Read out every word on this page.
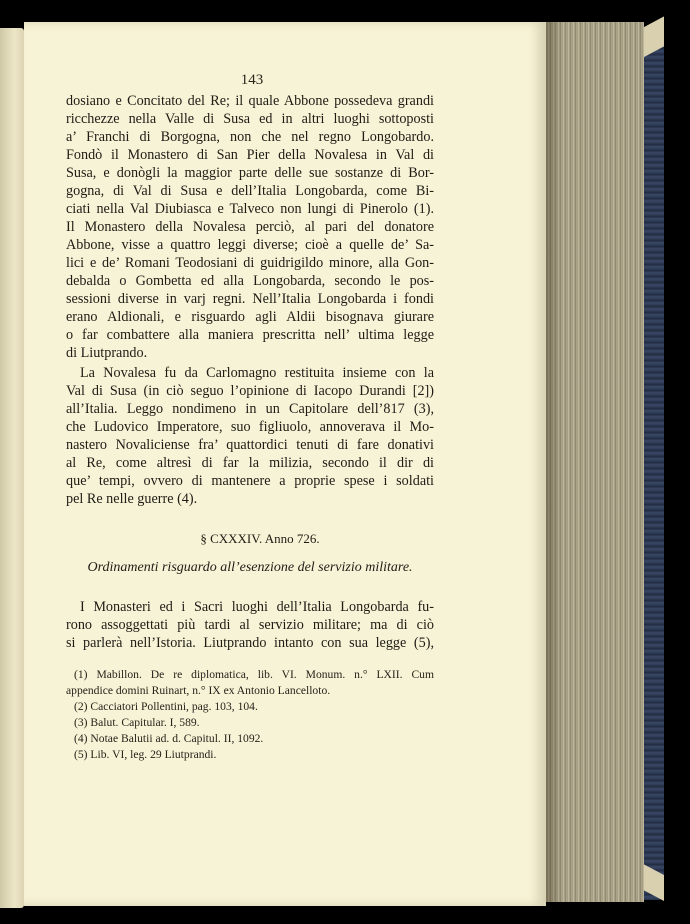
143
dosiano e Concitato del Re; il quale Abbone possedeva grandi
ricchezze nella Valle di Susa ed in altri luoghi sottoposti
a’ Franchi di Borgogna, non che nel regno Longobardo.
Fondò il Monastero di San Pier della Novalesa in Val di
Susa, e donògli la maggior parte delle sue sostanze di Bor-
gogna, di Val di Susa e dell’Italia Longobarda, come Bi-
ciati nella Val Diubiasca e Talveco non lungi di Pinerolo (1).
Il Monastero della Novalesa perciò, al pari del donatore
Abbone, visse a quattro leggi diverse; cioè a quelle de’ Sa-
lici e de’ Romani Teodosiani di guidrigildo minore, alla Gon-
debalda o Gombetta ed alla Longobarda, secondo le pos-
sessioni diverse in varj regni. Nell’Italia Longobarda i fondi
erano Aldionali, e risguardo agli Aldii bisognava giurare
o far combattere alla maniera prescritta nell’ ultima legge
di Liutprando.
La Novalesa fu da Carlomagno restituita insieme con la
Val di Susa (in ciò seguo l’opinione di Iacopo Durandi [2])
all’Italia. Leggo nondimeno in un Capitolare dell’817 (3),
che Ludovico Imperatore, suo figliuolo, annoverava il Mo-
nastero Novaliciense fra’ quattordici tenuti di fare donativi
al Re, come altresì di far la milizia, secondo il dir di
que’ tempi, ovvero di mantenere a proprie spese i soldati
pel Re nelle guerre (4).
§ CXXXIV. Anno 726.
Ordinamenti risguardo all’esenzione del servizio militare.
I Monasteri ed i Sacri luoghi dell’Italia Longobarda fu-
rono assoggettati più tardi al servizio militare; ma di ciò
si parlerà nell’Istoria. Liutprando intanto con sua legge (5),
(1) Mabillon. De re diplomatica, lib. VI. Monum. n.° LXII. Cum
appendice domini Ruinart, n.° IX ex Antonio Lancelloto.
(2) Cacciatori Pollentini, pag. 103, 104.
(3) Balut. Capitular. I, 589.
(4) Notae Balutii ad. d. Capitul. II, 1092.
(5) Lib. VI, leg. 29 Liutprandi.
